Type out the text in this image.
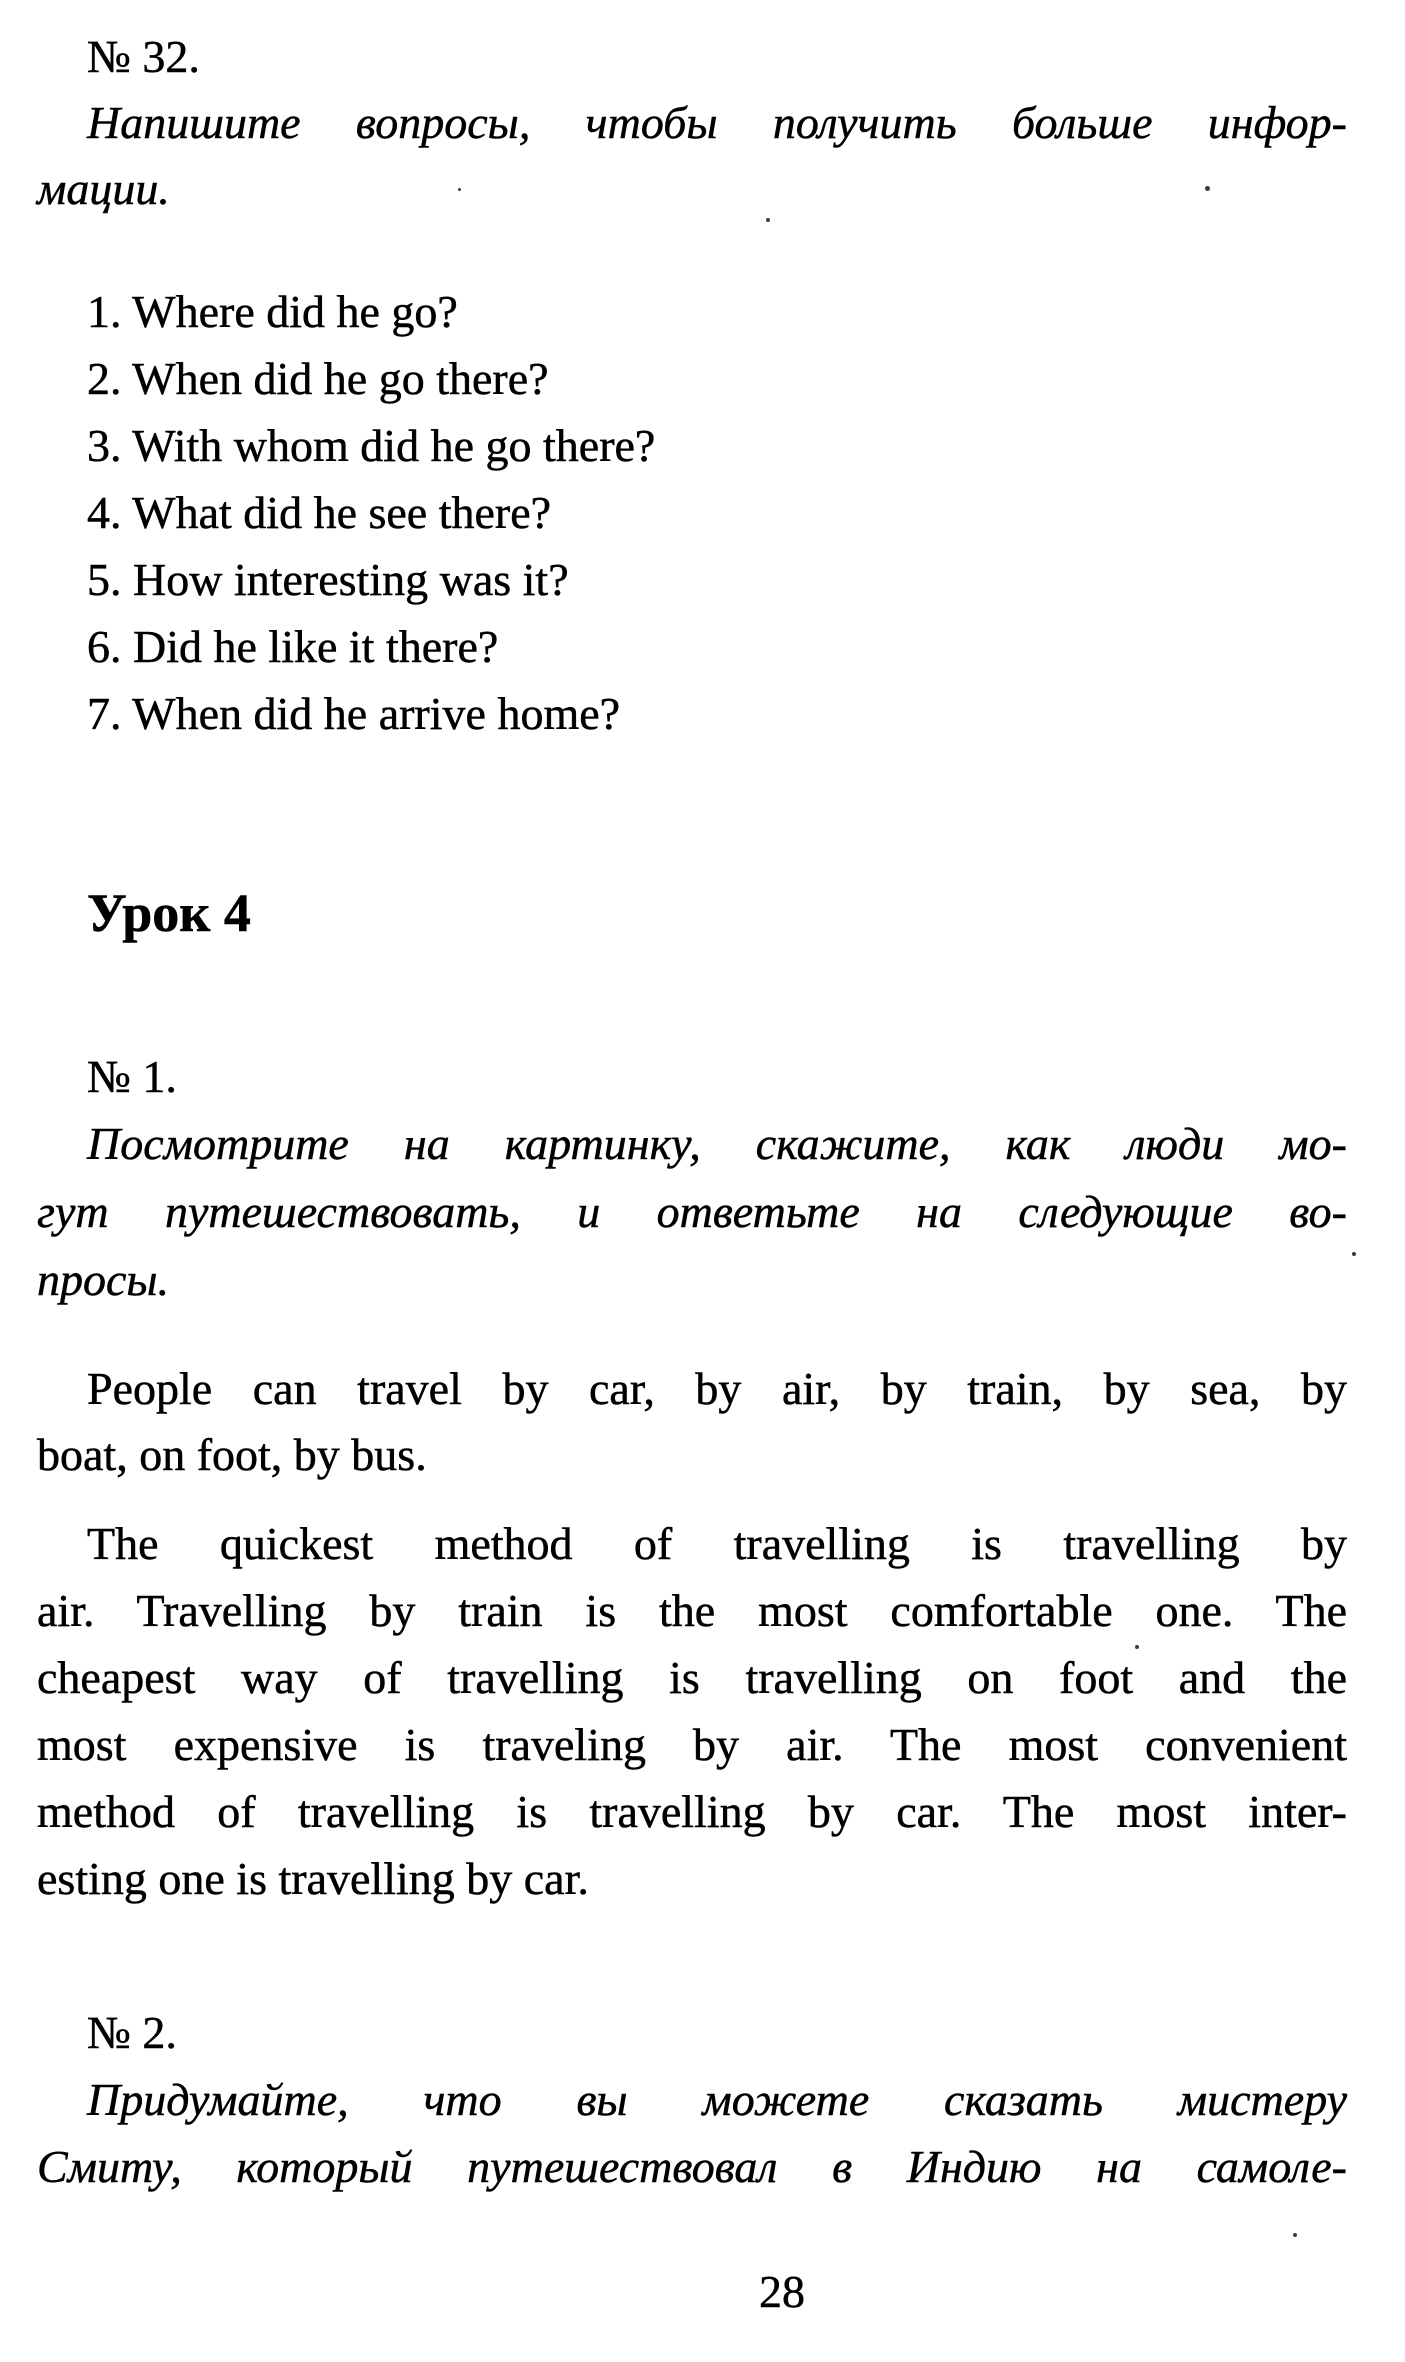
№ 32.
Напишите вопросы, чтобы получить больше инфор-
мации.
1. Where did he go?
2. When did he go there?
3. With whom did he go there?
4. What did he see there?
5. How interesting was it?
6. Did he like it there?
7. When did he arrive home?
Урок 4
№ 1.
Посмотрите на картинку, скажите, как люди мо-
гут путешествовать, и ответьте на следующие во-
просы.
People can travel by car, by air, by train, by sea, by
boat, on foot, by bus.
The quickest method of travelling is travelling by
air. Travelling by train is the most comfortable one. The
cheapest way of travelling is travelling on foot and the
most expensive is traveling by air. The most convenient
method of travelling is travelling by car. The most inter-
esting one is travelling by car.
№ 2.
Придумайте, что вы можете сказать мистеру
Смиту, который путешествовал в Индию на самоле-
28
